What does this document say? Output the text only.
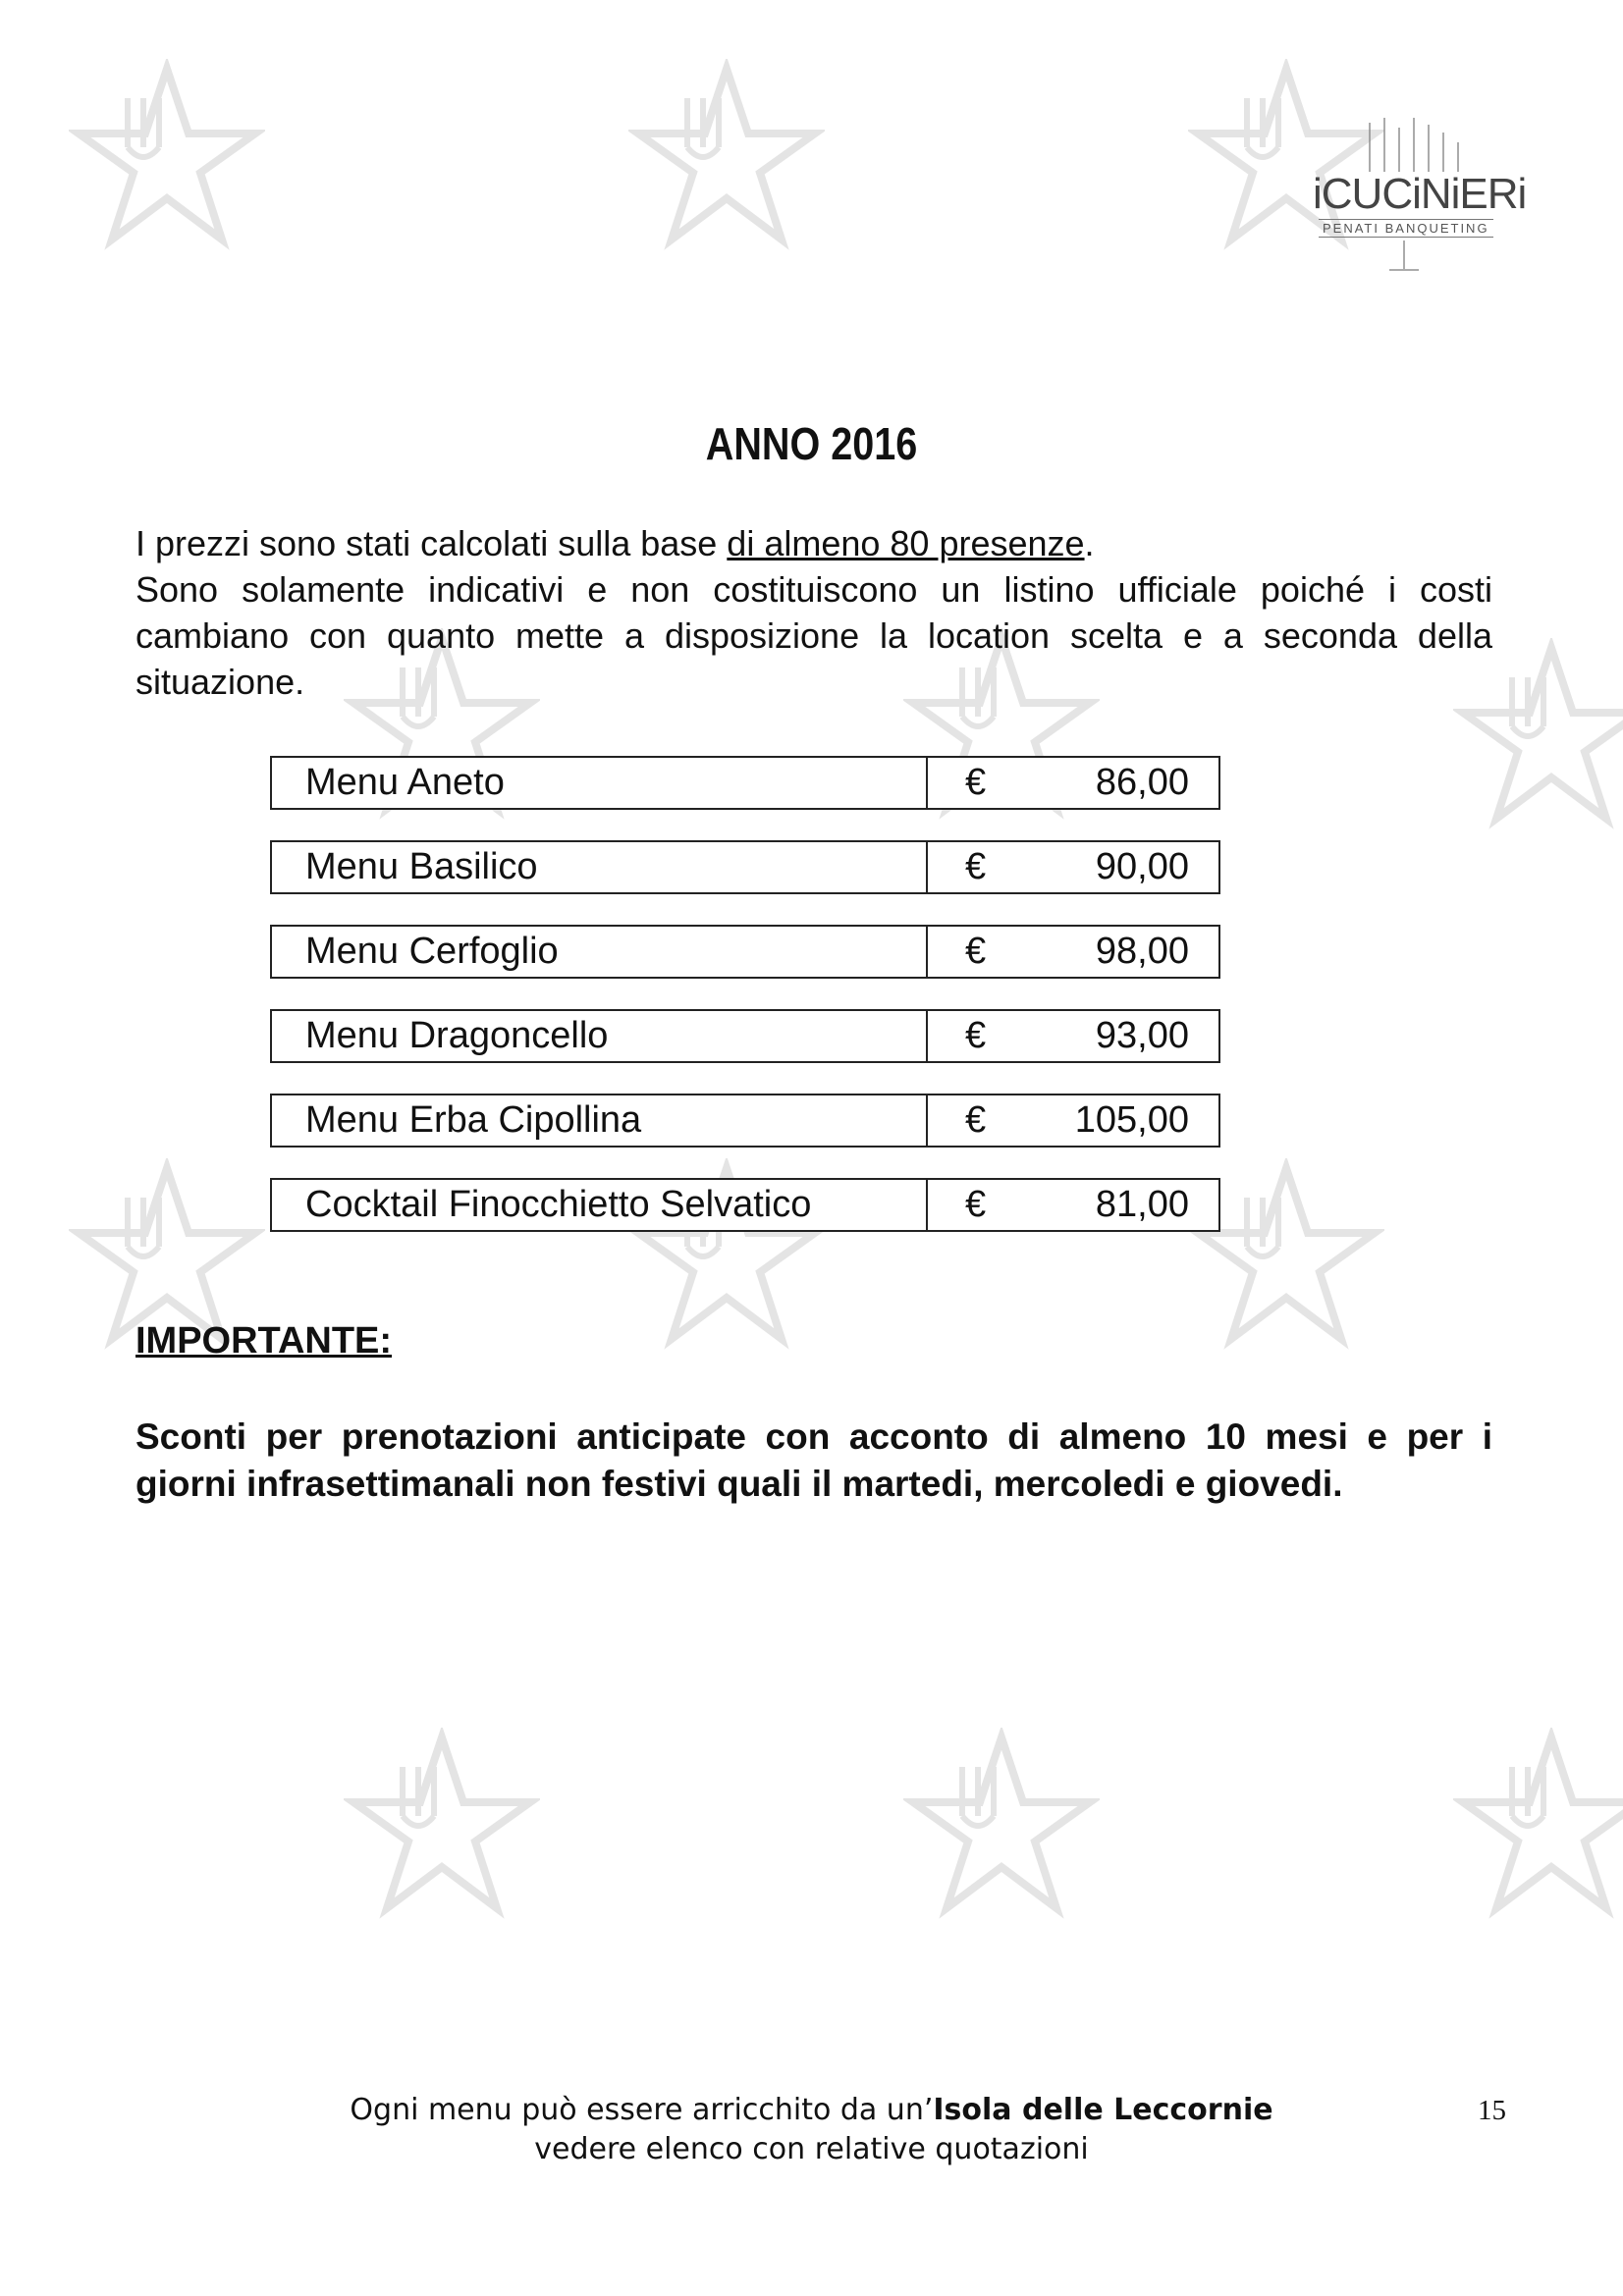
iCUCiNiERi
PENATI BANQUETING
ANNO 2016

I prezzi sono stati calcolati sulla base di almeno 80 presenze.

Sono solamente indicativi e non costituiscono un listino ufficiale poiché i costi cambiano con quanto mette a disposizione la location scelta e a seconda della situazione.

Menu Aneto	€	86,00
Menu Basilico	€	90,00
Menu Cerfoglio	€	98,00
Menu Dragoncello	€	93,00
Menu Erba Cipollina	€ 105,00
Cocktail Finocchietto Selvatico	€	81,00
IMPORTANTE:
Sconti per prenotazioni anticipate con acconto di almeno 10 mesi e per i giorni infrasettimanali non festivi quali il martedi, mercoledi e giovedi.
Ogni menu può essere arricchito da un’Isola delle Leccornie
vedere elenco con relative quotazioni
15
